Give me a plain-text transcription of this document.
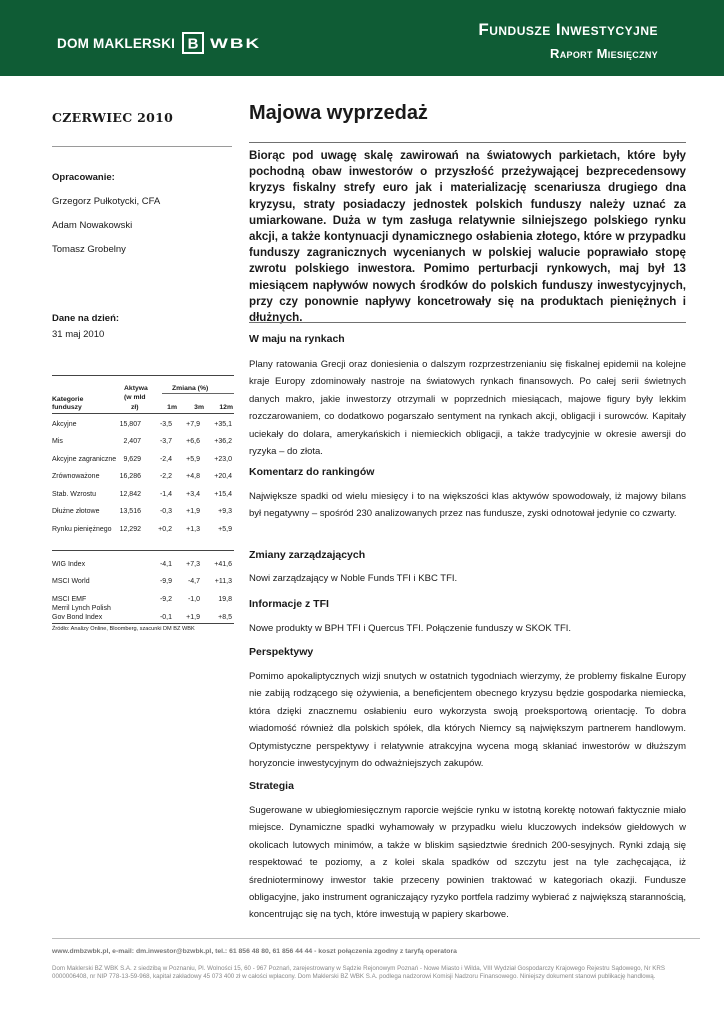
DOM MAKLERSKI B WBK
Fundusze Inwestycyjne
Raport Miesięczny
CZERWIEC 2010
Opracowanie:
Grzegorz Pułkotycki, CFA
Adam Nowakowski
Tomasz Grobelny
Dane na dzień:
31 maj 2010
Aktywa	Zmiana (%)
Kategorie	(w mld
funduszy	zł)	1m	3m 12m
Akcyjne	15,807	-3,5 +7,9 +35,1
Mis	2,407	-3,7 +6,6 +36,2
Akcyjne zagraniczne 9,629	-2,4 +5,9 +23,0
Zrównoważone	16,286	-2,2 +4,8 +20,4
Stab. Wzrostu	12,842	-1,4 +3,4 +15,4
Dłużne złotowe	13,516	-0,3 +1,9	+9,3
Rynku pieniężnego 12,292 +0,2 +1,3	+5,9
WIG Index	-4,1 +7,3 +41,6
MSCI World	-9,9 -4,7 +11,3
MSCI EMF	-9,2 -1,0	19,8
Merril Lynch Polish
Gov Bond Index	-0,1 +1,9	+8,5
Źródło: Analizy Online, Bloomberg, szacunki DM BZ WBK
Majowa wyprzedaż
Biorąc pod uwagę skalę zawirowań na światowych parkietach, które były pochodną obaw inwestorów o przyszłość przeżywającej bezprecedensowy kryzys fiskalny strefy euro jak i materializację scenariusza drugiego dna kryzysu, straty posiadaczy jednostek polskich funduszy należy uznać za umiarkowane. Duża w tym zasługa relatywnie silniejszego polskiego rynku akcji, a także kontynuacji dynamicznego osłabienia złotego, które w przypadku funduszy zagranicznych wycenianych w polskiej walucie poprawiało stopę zwrotu polskiego inwestora. Pomimo perturbacji rynkowych, maj był 13 miesiącem napływów nowych środków do polskich funduszy inwestycyjnych, przy czy ponownie napływy koncetrowały się na produktach pieniężnych i dłużnych.
W maju na rynkach
Plany ratowania Grecji oraz doniesienia o dalszym rozprzestrzenianiu się fiskalnej epidemii na kolejne kraje Europy zdominowały nastroje na światowych rynkach finansowych. Po całej serii świetnych danych makro, jakie inwestorzy otrzymali w poprzednich miesiącach, majowe figury były lekkim rozczarowaniem, co dodatkowo pogarszało sentyment na rynkach akcji, obligacji i surowców. Kapitały uciekały do dolara, amerykańskich i niemieckich obligacji, a także tradycyjnie w okresie awersji do ryzyka – do złota.
Komentarz do rankingów
Największe spadki od wielu miesięcy i to na większości klas aktywów spowodowały, iż majowy bilans był negatywny – spośród 230 analizowanych przez nas fundusze, zyski odnotował jedynie co czwarty.
Zmiany zarządzających
Nowi zarządzający w Noble Funds TFI i KBC TFI.
Informacje z TFI
Nowe produkty w BPH TFI i Quercus TFI. Połączenie funduszy w SKOK TFI.
Perspektywy
Pomimo apokaliptycznych wizji snutych w ostatnich tygodniach wierzymy, że problemy fiskalne Europy nie zabiją rodzącego się ożywienia, a beneficjentem obecnego kryzysu będzie gospodarka niemiecka, która dzięki znacznemu osłabieniu euro wykorzysta swoją proeksportową orientację. To dobra wiadomość również dla polskich spółek, dla których Niemcy są największym partnerem handlowym. Optymistyczne perspektywy i relatywnie atrakcyjna wycena mogą skłaniać inwestorów w dłuższym horyzoncie inwestycyjnym do odważniejszych zakupów.
Strategia
Sugerowane w ubiegłomiesięcznym raporcie wejście rynku w istotną korektę notowań faktycznie miało miejsce. Dynamiczne spadki wyhamowały w przypadku wielu kluczowych indeksów giełdowych w okolicach lutowych minimów, a także w bliskim sąsiedztwie średnich 200-sesyjnych. Rynki zdają się respektować te poziomy, a z kolei skala spadków od szczytu jest na tyle zachęcająca, iż średnioterminowy inwestor takie przeceny powinien traktować w kategoriach okazji. Fundusze obligacyjne, jako instrument ograniczający ryzyko portfela radzimy wybierać z największą starannością, koncentrując się na tych, które inwestują w papiery skarbowe.
www.dmbzwbk.pl, e-mail: dm.inwestor@bzwbk.pl, tel.: 61 856 48 80, 61 856 44 44 - koszt połączenia zgodny z taryfą operatora
Dom Maklerski BZ WBK S.A. z siedzibą w Poznaniu, Pl. Wolności 15, 60 - 967 Poznań, zarejestrowany w Sądzie Rejonowym Poznań - Nowe Miasto i Wilda, VIII Wydział Gospodarczy Krajowego Rejestru Sądowego, Nr KRS 0000006408, nr NIP 778-13-59-968, kapitał zakładowy 45 073 400 zł w całości wpłacony. Dom Maklerski BZ WBK S.A. podlega nadzorowi Komisji Nadzoru Finansowego. Niniejszy dokument stanowi publikację handlową.
